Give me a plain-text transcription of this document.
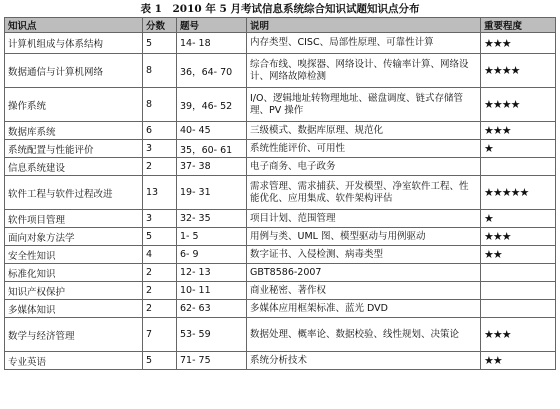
表 1　2010 年 5 月考试信息系统综合知识试题知识点分布
知识点	分数	题号	说明	重要程度
计算机组成与体系结构	5	14- 18	内存类型、CISC、局部性原理、可靠性计算	★★★
数据通信与计算机网络	8	36，64- 70	综合布线、嗅探器、网络设计、传输率计算、网络设计、网络故障检测	★★★★
操作系统	8	39，46- 52	I/O、逻辑地址转物理地址、磁盘调度、链式存储管理、PV 操作	★★★★
数据库系统	6	40- 45	三级模式、数据库原理、规范化	★★★
系统配置与性能评价	3	35，60- 61	系统性能评价、可用性	★
信息系统建设	2	37- 38	电子商务、电子政务	
软件工程与软件过程改进	13	19- 31	需求管理、需求捕获、开发模型、净室软件工程、性能优化、应用集成、软件架构评估	★★★★★
软件项目管理	3	32- 35	项目计划、范围管理	★
面向对象方法学	5	1- 5	用例与类、UML 图、模型驱动与用例驱动	★★★
安全性知识	4	6- 9	数字证书、入侵检测、病毒类型	★★
标准化知识	2	12- 13	GBT8586-2007	
知识产权保护	2	10- 11	商业秘密、著作权	
多媒体知识	2	62- 63	多媒体应用框架标准、蓝光 DVD	
数学与经济管理	7	53- 59	数据处理、概率论、数据校验、线性规划、决策论	★★★
专业英语	5	71- 75	系统分析技术	★★
